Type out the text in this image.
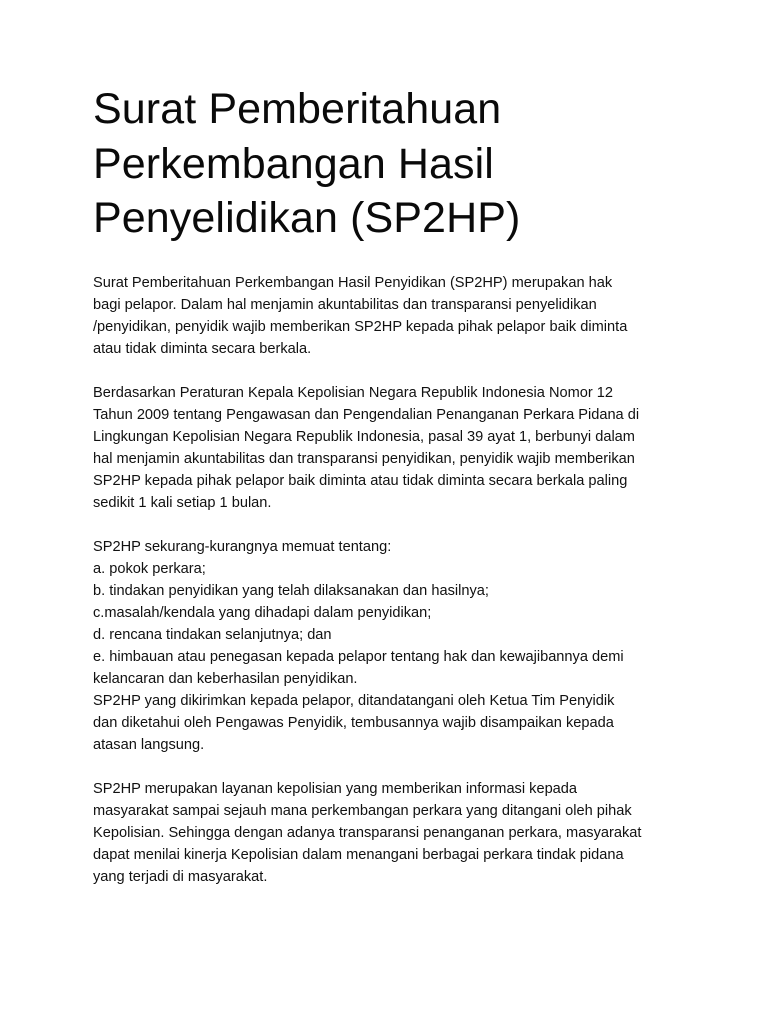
Surat Pemberitahuan
Perkembangan Hasil
Penyelidikan (SP2HP)

Surat Pemberitahuan Perkembangan Hasil Penyidikan (SP2HP) merupakan hak
bagi pelapor. Dalam hal menjamin akuntabilitas dan transparansi penyelidikan
/penyidikan, penyidik wajib memberikan SP2HP kepada pihak pelapor baik diminta
atau tidak diminta secara berkala.

Berdasarkan Peraturan Kepala Kepolisian Negara Republik Indonesia Nomor 12
Tahun 2009 tentang Pengawasan dan Pengendalian Penanganan Perkara Pidana di
Lingkungan Kepolisian Negara Republik Indonesia, pasal 39 ayat 1, berbunyi dalam
hal menjamin akuntabilitas dan transparansi penyidikan, penyidik wajib memberikan
SP2HP kepada pihak pelapor baik diminta atau tidak diminta secara berkala paling
sedikit 1 kali setiap 1 bulan.

SP2HP sekurang-kurangnya memuat tentang:
a. pokok perkara;
b. tindakan penyidikan yang telah dilaksanakan dan hasilnya;
c.masalah/kendala yang dihadapi dalam penyidikan;
d. rencana tindakan selanjutnya; dan
e. himbauan atau penegasan kepada pelapor tentang hak dan kewajibannya demi
kelancaran dan keberhasilan penyidikan.
SP2HP yang dikirimkan kepada pelapor, ditandatangani oleh Ketua Tim Penyidik
dan diketahui oleh Pengawas Penyidik, tembusannya wajib disampaikan kepada
atasan langsung.

SP2HP merupakan layanan kepolisian yang memberikan informasi kepada
masyarakat sampai sejauh mana perkembangan perkara yang ditangani oleh pihak
Kepolisian. Sehingga dengan adanya transparansi penanganan perkara, masyarakat
dapat menilai kinerja Kepolisian dalam menangani berbagai perkara tindak pidana
yang terjadi di masyarakat.
